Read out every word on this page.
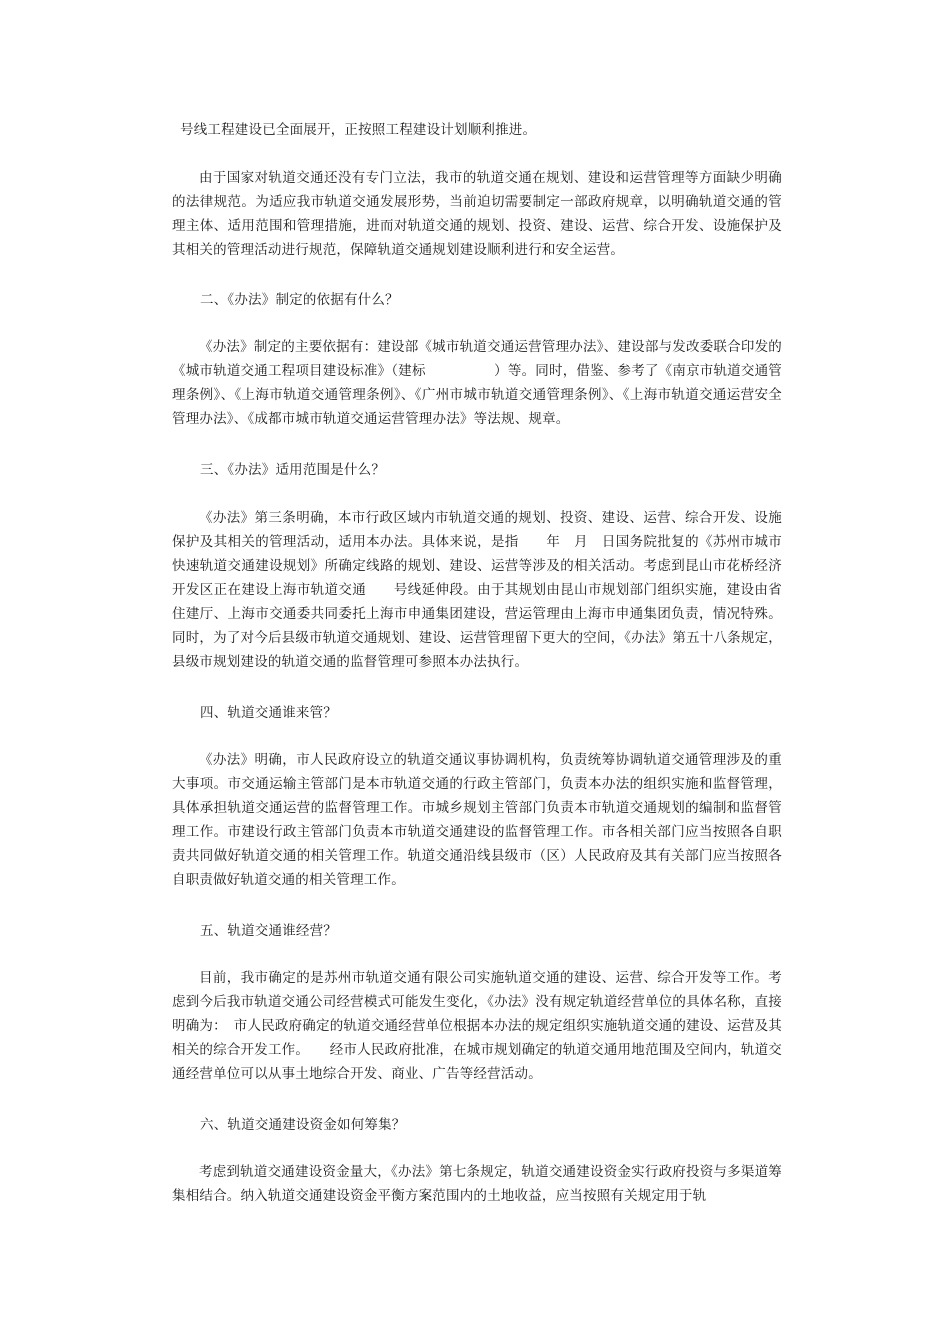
号线工程建设已全面展开，正按照工程建设计划顺利推进。

由于国家对轨道交通还没有专门立法，我市的轨道交通在规划、建设和运营管理等方面缺少明确的法律规范。为适应我市轨道交通发展形势，当前迫切需要制定一部政府规章，以明确轨道交通的管理主体、适用范围和管理措施，进而对轨道交通的规划、投资、建设、运营、综合开发、设施保护及其相关的管理活动进行规范，保障轨道交通规划建设顺利进行和安全运营。

二、《办法》制定的依据有什么？

《办法》制定的主要依据有：建设部《城市轨道交通运营管理办法》、建设部与发改委联合印发的《城市轨道交通工程项目建设标准》（建标　　　　　）等。同时，借鉴、参考了《南京市轨道交通管理条例》、《上海市轨道交通管理条例》、《广州市城市轨道交通管理条例》、《上海市轨道交通运营安全管理办法》、《成都市城市轨道交通运营管理办法》等法规、规章。

三、《办法》适用范围是什么？

《办法》第三条明确，本市行政区域内市轨道交通的规划、投资、建设、运营、综合开发、设施保护及其相关的管理活动，适用本办法。具体来说，是指　　年　月　日国务院批复的《苏州市城市快速轨道交通建设规划》所确定线路的规划、建设、运营等涉及的相关活动。考虑到昆山市花桥经济开发区正在建设上海市轨道交通　　号线延伸段。由于其规划由昆山市规划部门组织实施，建设由省住建厅、上海市交通委共同委托上海市申通集团建设，营运管理由上海市申通集团负责，情况特殊。同时，为了对今后县级市轨道交通规划、建设、运营管理留下更大的空间，《办法》第五十八条规定，县级市规划建设的轨道交通的监督管理可参照本办法执行。

四、轨道交通谁来管？

《办法》明确，市人民政府设立的轨道交通议事协调机构，负责统筹协调轨道交通管理涉及的重大事项。市交通运输主管部门是本市轨道交通的行政主管部门，负责本办法的组织实施和监督管理，具体承担轨道交通运营的监督管理工作。市城乡规划主管部门负责本市轨道交通规划的编制和监督管理工作。市建设行政主管部门负责本市轨道交通建设的监督管理工作。市各相关部门应当按照各自职责共同做好轨道交通的相关管理工作。轨道交通沿线县级市（区）人民政府及其有关部门应当按照各自职责做好轨道交通的相关管理工作。

五、轨道交通谁经营？

目前，我市确定的是苏州市轨道交通有限公司实施轨道交通的建设、运营、综合开发等工作。考虑到今后我市轨道交通公司经营模式可能发生变化，《办法》没有规定轨道经营单位的具体名称，直接明确为：　市人民政府确定的轨道交通经营单位根据本办法的规定组织实施轨道交通的建设、运营及其相关的综合开发工作。　　经市人民政府批准，在城市规划确定的轨道交通用地范围及空间内，轨道交通经营单位可以从事土地综合开发、商业、广告等经营活动。

六、轨道交通建设资金如何筹集？

考虑到轨道交通建设资金量大，《办法》第七条规定，轨道交通建设资金实行政府投资与多渠道筹集相结合。纳入轨道交通建设资金平衡方案范围内的土地收益，应当按照有关规定用于轨
